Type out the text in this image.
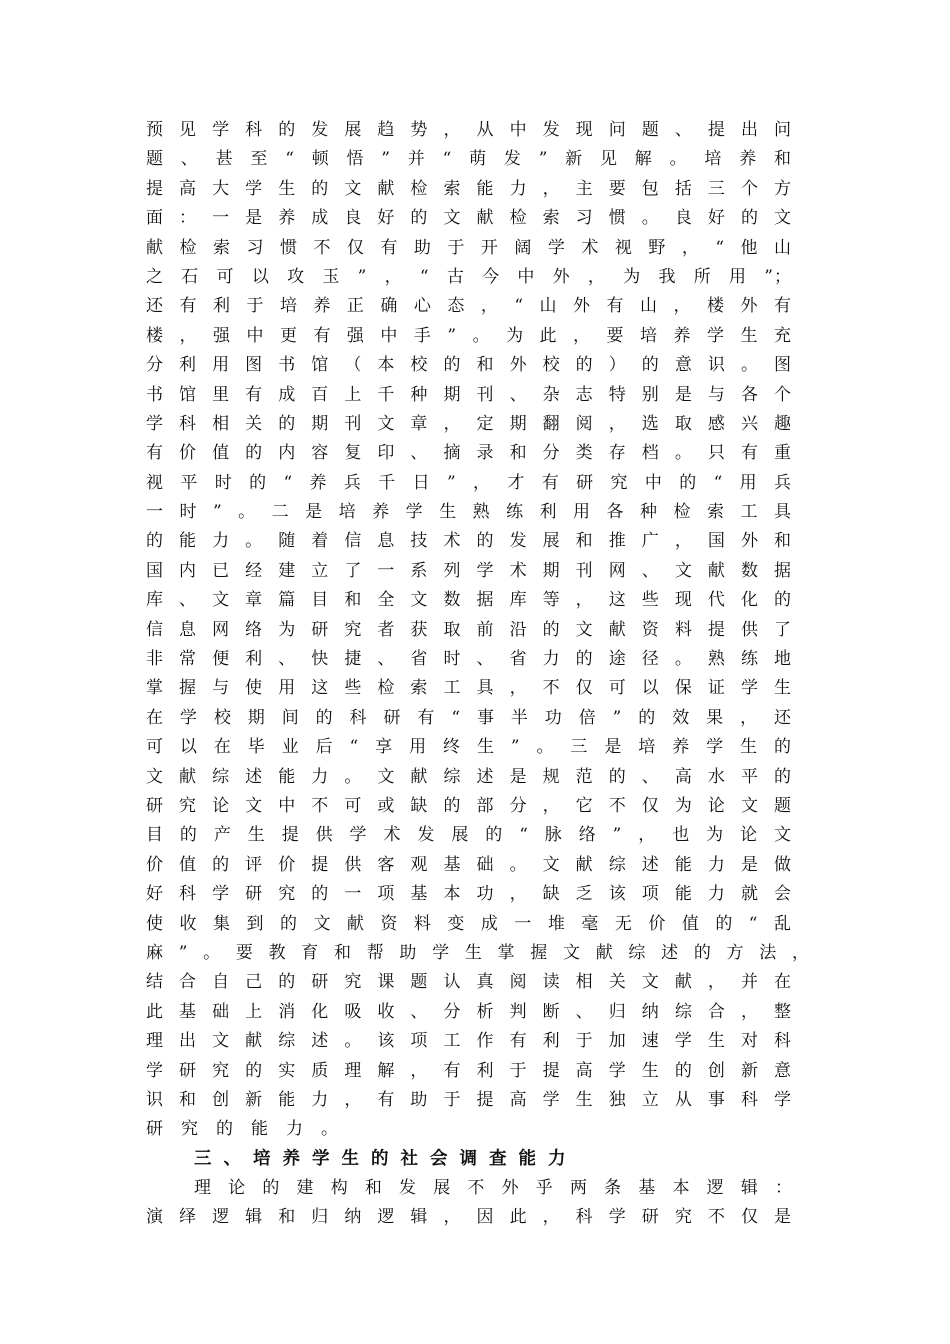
预见学科的发展趋势，从中发现问题、提出问
题、甚至“顿悟”并“萌发”新见解。培养和
提高大学生的文献检索能力，主要包括三个方
面：一是养成良好的文献检索习惯。良好的文
献检索习惯不仅有助于开阔学术视野，“他山
之石可以攻玉”，“古今中外，为我所用”；
还有利于培养正确心态，“山外有山，楼外有
楼，强中更有强中手”。为此，要培养学生充
分利用图书馆（本校的和外校的）的意识。图
书馆里有成百上千种期刊、杂志特别是与各个
学科相关的期刊文章，定期翻阅，选取感兴趣
有价值的内容复印、摘录和分类存档。只有重
视平时的“养兵千日”，才有研究中的“用兵
一时”。二是培养学生熟练利用各种检索工具
的能力。随着信息技术的发展和推广，国外和
国内已经建立了一系列学术期刊网、文献数据
库、文章篇目和全文数据库等，这些现代化的
信息网络为研究者获取前沿的文献资料提供了
非常便利、快捷、省时、省力的途径。熟练地
掌握与使用这些检索工具，不仅可以保证学生
在学校期间的科研有“事半功倍”的效果，还
可以在毕业后“享用终生”。三是培养学生的
文献综述能力。文献综述是规范的、高水平的
研究论文中不可或缺的部分，它不仅为论文题
目的产生提供学术发展的“脉络”，也为论文
价值的评价提供客观基础。文献综述能力是做
好科学研究的一项基本功，缺乏该项能力就会
使收集到的文献资料变成一堆毫无价值的“乱
麻”。要教育和帮助学生掌握文献综述的方法，
结合自己的研究课题认真阅读相关文献，并在
此基础上消化吸收、分析判断、归纳综合，整
理出文献综述。该项工作有利于加速学生对科
学研究的实质理解，有利于提高学生的创新意
识和创新能力，有助于提高学生独立从事科学
研究的能力。
三、培养学生的社会调查能力
理论的建构和发展不外乎两条基本逻辑：
演绎逻辑和归纳逻辑，因此，科学研究不仅是
